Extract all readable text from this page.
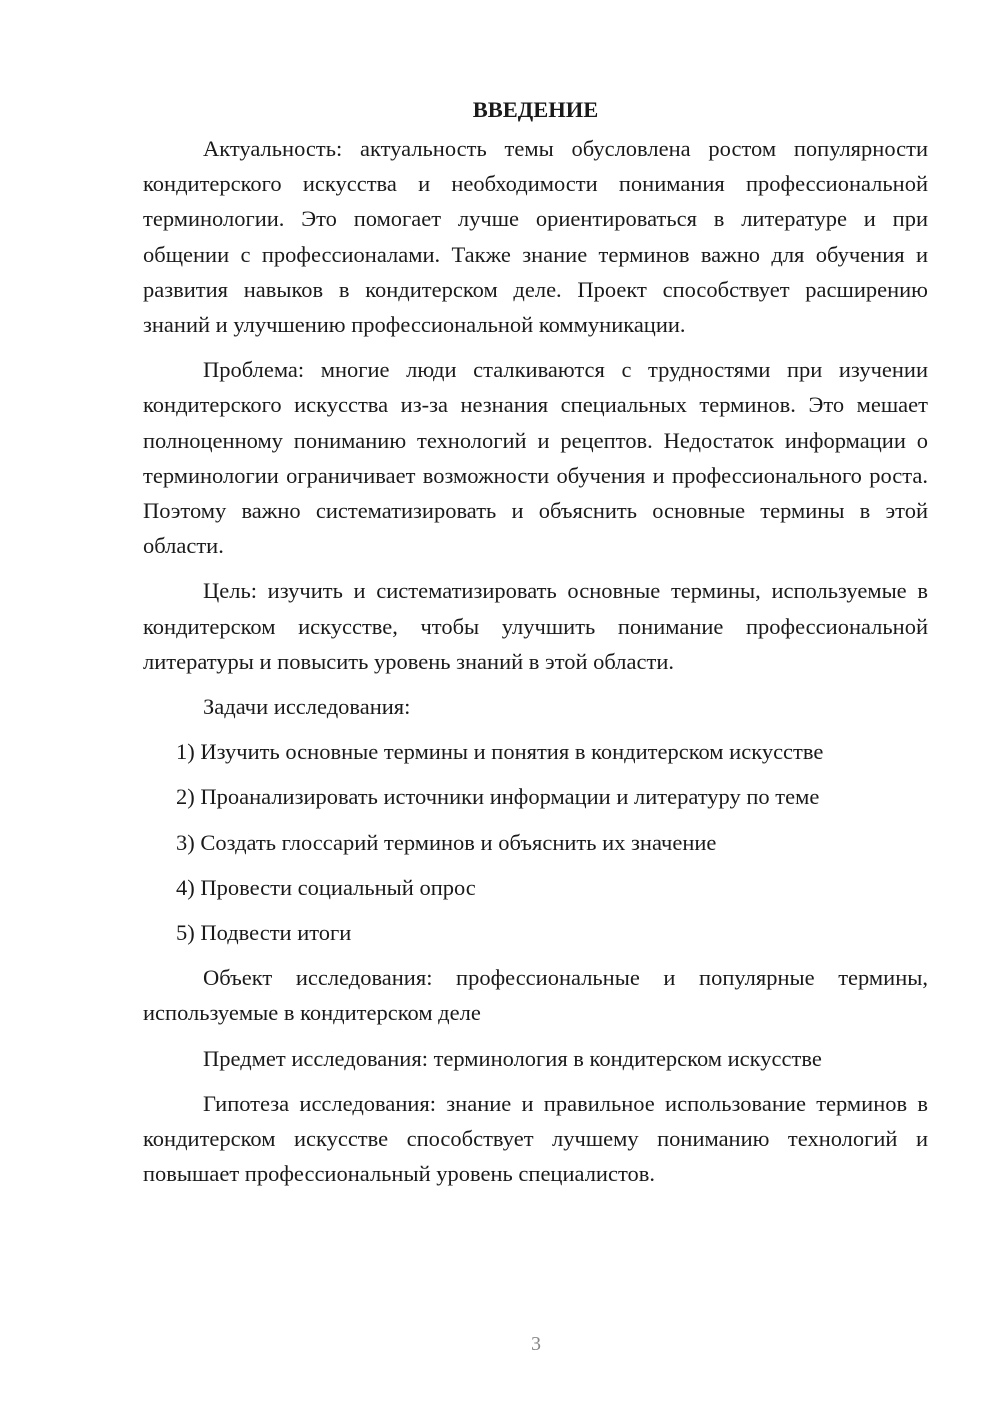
ВВЕДЕНИЕ

Актуальность: актуальность темы обусловлена ростом популярности кондитерского искусства и необходимости понимания профессиональной терминологии. Это помогает лучше ориентироваться в литературе и при общении с профессионалами. Также знание терминов важно для обучения и развития навыков в кондитерском деле. Проект способствует расширению знаний и улучшению профессиональной коммуникации.

Проблема: многие люди сталкиваются с трудностями при изучении кондитерского искусства из-за незнания специальных терминов. Это мешает полноценному пониманию технологий и рецептов. Недостаток информации о терминологии ограничивает возможности обучения и профессионального роста. Поэтому важно систематизировать и объяснить основные термины в этой области.

Цель: изучить и систематизировать основные термины, используемые в кондитерском искусстве, чтобы улучшить понимание профессиональной литературы и повысить уровень знаний в этой области.

Задачи исследования:

1) Изучить основные термины и понятия в кондитерском искусстве
2) Проанализировать источники информации и литературу по теме
3) Создать глоссарий терминов и объяснить их значение
4) Провести социальный опрос
5) Подвести итоги

Объект исследования: профессиональные и популярные термины, используемые в кондитерском деле

Предмет исследования: терминология в кондитерском искусстве

Гипотеза исследования: знание и правильное использование терминов в кондитерском искусстве способствует лучшему пониманию технологий и повышает профессиональный уровень специалистов.

3
